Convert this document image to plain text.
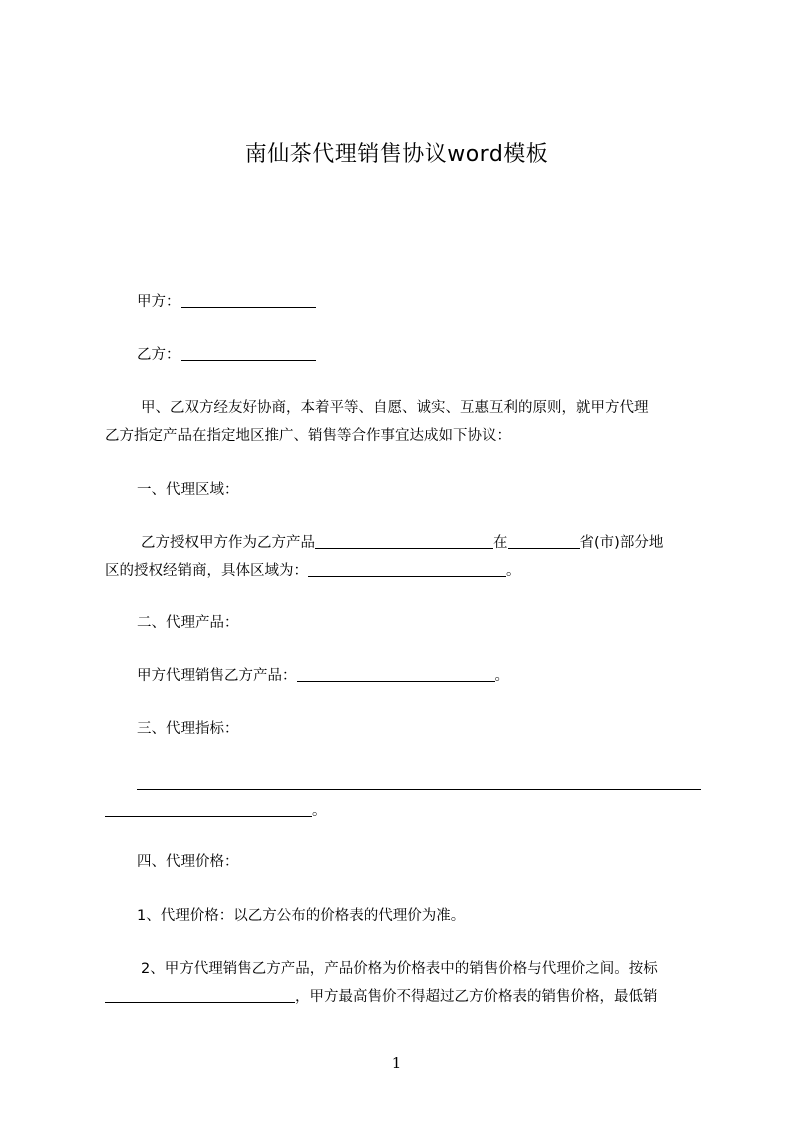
南仙茶代理销售协议word模板
甲方：
乙方：
甲、乙双方经友好协商，本着平等、自愿、诚实、互惠互利的原则，就甲方代理
乙方指定产品在指定地区推广、销售等合作事宜达成如下协议：
一、代理区域：
乙方授权甲方作为乙方产品	在	省(市)部分地
区的授权经销商，具体区域为：	。
二、代理产品：
甲方代理销售乙方产品：	。
三、代理指标：
。
四、代理价格：
1、代理价格：以乙方公布的价格表的代理价为准。
2、甲方代理销售乙方产品，产品价格为价格表中的销售价格与代理价之间。按标
，甲方最高售价不得超过乙方价格表的销售价格，最低销
1
